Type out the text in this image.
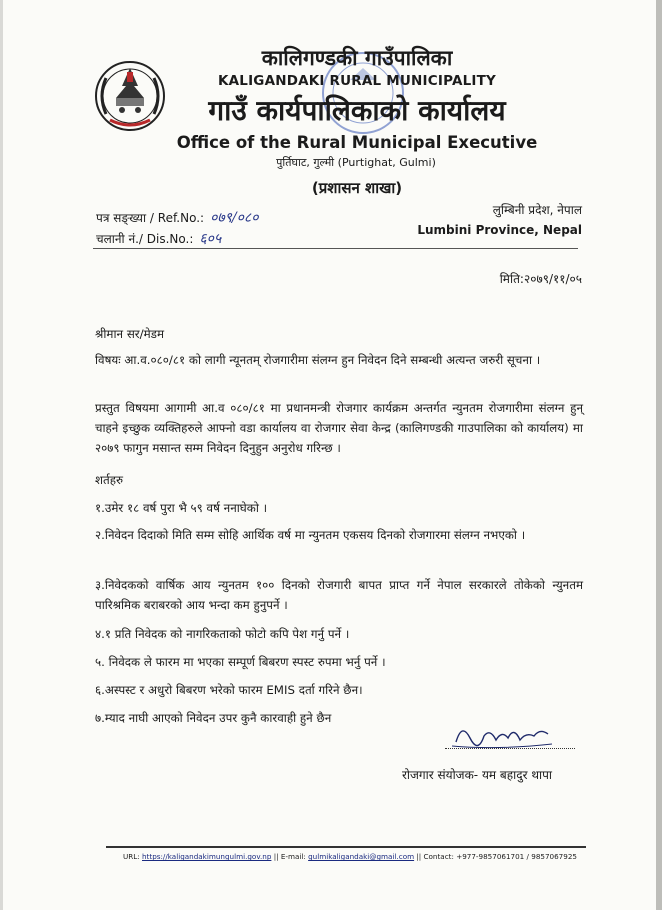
कालिगण्डकी गाउँपालिका
KALIGANDAKI RURAL MUNICIPALITY
गाउँ कार्यपालिकाको कार्यालय
Office of the Rural Municipal Executive
पुर्तिघाट, गुल्मी (Purtighat, Gulmi)
(प्रशासन शाखा)
पत्र सङ्ख्या / Ref.No.: ०७९/०८०
चलानी नं./ Dis.No.: ६०५
लुम्बिनी प्रदेश, नेपाल
Lumbini Province, Nepal
मिति:२०७९/११/०५
श्रीमान सर/मेडम
विषयः आ.व.०८०/८१ को लागी न्यूनतम् रोजगारीमा संलग्न हुन निवेदन दिने सम्बन्धी अत्यन्त जरुरी सूचना ।
प्रस्तुत विषयमा आगामी आ.व ०८०/८१ मा प्रधानमन्त्री रोजगार कार्यक्रम अन्तर्गत न्युनतम रोजगारीमा संलग्न हुन् चाहने इच्छुक व्यक्तिहरुले आफ्नो वडा कार्यालय वा रोजगार सेवा केन्द्र (कालिगण्डकी गाउपालिका को कार्यालय) मा २०७९ फागुन मसान्त सम्म निवेदन दिनुहुन अनुरोध गरिन्छ ।
शर्तहरु
१.उमेर १८ वर्ष पुरा भै ५९ वर्ष ननाघेको ।
२.निवेदन दिदाको मिति सम्म सोहि आर्थिक वर्ष मा न्युनतम एकसय दिनको रोजगारमा संलग्न नभएको ।
३.निवेदकको वार्षिक आय न्युनतम १०० दिनको रोजगारी बापत प्राप्त गर्ने नेपाल सरकारले तोकेको न्युनतम पारिश्रमिक बराबरको आय भन्दा कम हुनुपर्ने ।
४.१ प्रति निवेदक को नागरिकताको फोटो कपि पेश गर्नु पर्ने ।
५. निवेदक ले फारम मा भएका सम्पूर्ण बिबरण स्पस्ट रुपमा भर्नु पर्ने ।
६.अस्पस्ट र अधुरो बिबरण भरेको फारम EMIS दर्ता गरिने छैन।
७.म्याद नाघी आएको निवेदन उपर कुनै कारवाही हुने छैन
रोजगार संयोजक- यम बहादुर थापा
URL: https://kaligandakimungulmi.gov.np || E-mail: gulmikaligandaki@gmail.com || Contact: +977-9857061701 / 9857067925
